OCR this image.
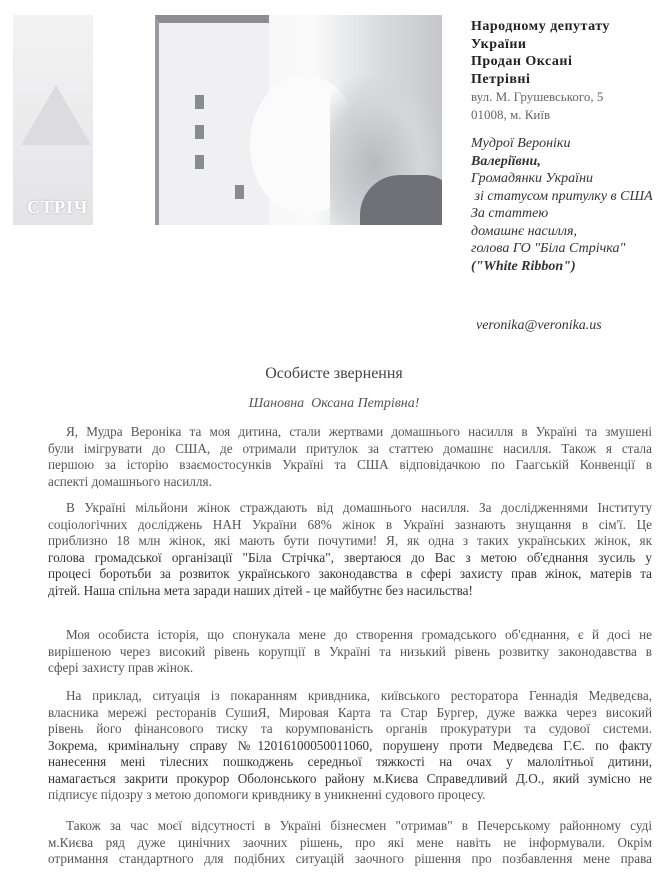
СТРІЧ
Народному депутату
України
Продан Оксані
Петрівні
вул. М. Грушевського, 5
01008, м. Київ
Мудрої Вероніки
Валеріївни,
Громадянки України
зі статусом притулку в США
За статтею
домашнє насилля,
голова ГО "Біла Стрічка"
("White Ribbon")
veronika@veronika.us
Особисте звернення
Шановна  Оксана Петрівна!
Я, Мудра Вероніка та моя дитина, стали жертвами домашнього насилля в Україні та змушені
були імігрувати до США, де отримали притулок за статтею домашнє насилля. Також я стала
першою за історію взаємостосунків Україні та США відповідачкою по Гаагській Конвенції в
аспекті домашнього насилля.
В Україні мільйони жінок страждають від домашнього насилля. За дослідженнями Інституту
соціологічних досліджень НАН України 68% жінок в Україні зазнають знущання в сім'ї. Це
приблизно 18 млн жінок, які мають бути почутими! Я, як одна з таких українських жінок, як
голова громадської організації "Біла Стрічка", звертаюся до Вас з метою об'єднання зусиль у
процесі боротьби за розвиток українського законодавства в сфері захисту прав жінок, матерів та
дітей. Наша спільна мета заради наших дітей - це майбутнє без насильства!
Моя особиста історія, що спонукала мене до створення громадського об'єднання, є й досі не
вирішеною через високий рівень корупції в Україні та низький рівень розвитку законодавства в
сфері захисту прав жінок.
На приклад, ситуація із покаранням кривдника, київського ресторатора Геннадія Медведєва,
власника мережі ресторанів СушиЯ, Мировая Карта та Стар Бургер, дуже важка через високий
рівень його фінансового тиску та корумпованість органів прокуратури та судової системи.
Зокрема, кримінальну справу №12016100050011060, порушену проти Медведєва Г.Є. по факту
нанесення мені тілесних пошкоджень середньої тяжкості на очах у малолітньої дитини,
намагається закрити прокурор Оболонського району м.Києва Справедливий Д.О., який зумісно не
підписує підозру з метою допомоги кривднику в уникненні судового процесу.
Також за час моєї відсутності в Україні бізнесмен "отримав" в Печерському районному суді
м.Києва ряд дуже цинічних заочних рішень, про які мене навіть не інформували. Окрім
отримання стандартного для подібних ситуацій заочного рішення про позбавлення мене права
